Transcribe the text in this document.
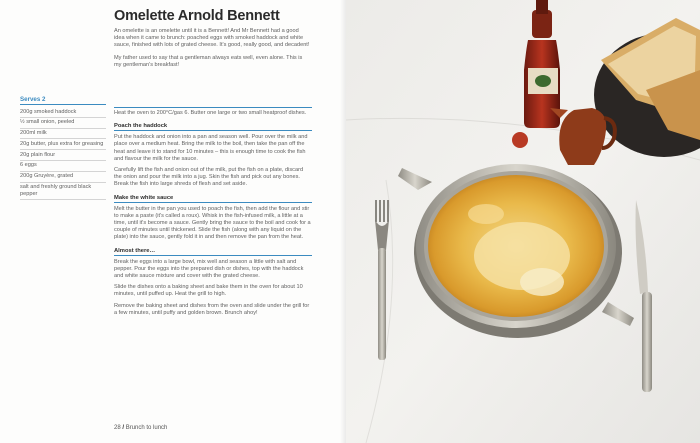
Omelette Arnold Bennett

An omelette is an omelette until it is a Bennett! And Mr Bennett had a good idea when it came to brunch: poached eggs with smoked haddock and white sauce, finished with lots of grated cheese. It's good, really good, and decadent!

My father used to say that a gentleman always eats well, even alone. This is my gentleman's breakfast!

Serves 2
200g smoked haddock
½ small onion, peeled
200ml milk
20g butter, plus extra for greasing
20g plain flour
6 eggs
200g Gruyère, grated
salt and freshly ground black pepper

Heat the oven to 200°C/gas 6. Butter one large or two small heatproof dishes.

Poach the haddock

Put the haddock and onion into a pan and season well. Pour over the milk and place over a medium heat. Bring the milk to the boil, then take the pan off the heat and leave it to stand for 10 minutes – this is enough time to cook the fish and flavour the milk for the sauce.

Carefully lift the fish and onion out of the milk, put the fish on a plate, discard the onion and pour the milk into a jug. Skin the fish and pick out any bones. Break the fish into large shreds of flesh and set aside.

Make the white sauce

Melt the butter in the pan you used to poach the fish, then add the flour and stir to make a paste (it's called a roux). Whisk in the fish-infused milk, a little at a time, until it's become a sauce. Gently bring the sauce to the boil and cook for a couple of minutes until thickened. Slide the fish (along with any liquid on the plate) into the sauce, gently fold it in and then remove the pan from the heat.

Almost there…

Break the eggs into a large bowl, mix well and season a little with salt and pepper. Pour the eggs into the prepared dish or dishes, top with the haddock and white sauce mixture and cover with the grated cheese.

Slide the dishes onto a baking sheet and bake them in the oven for about 10 minutes, until puffed up. Heat the grill to high.

Remove the baking sheet and dishes from the oven and slide under the grill for a few minutes, until puffy and golden brown. Brunch ahoy!

28 / Brunch to lunch
